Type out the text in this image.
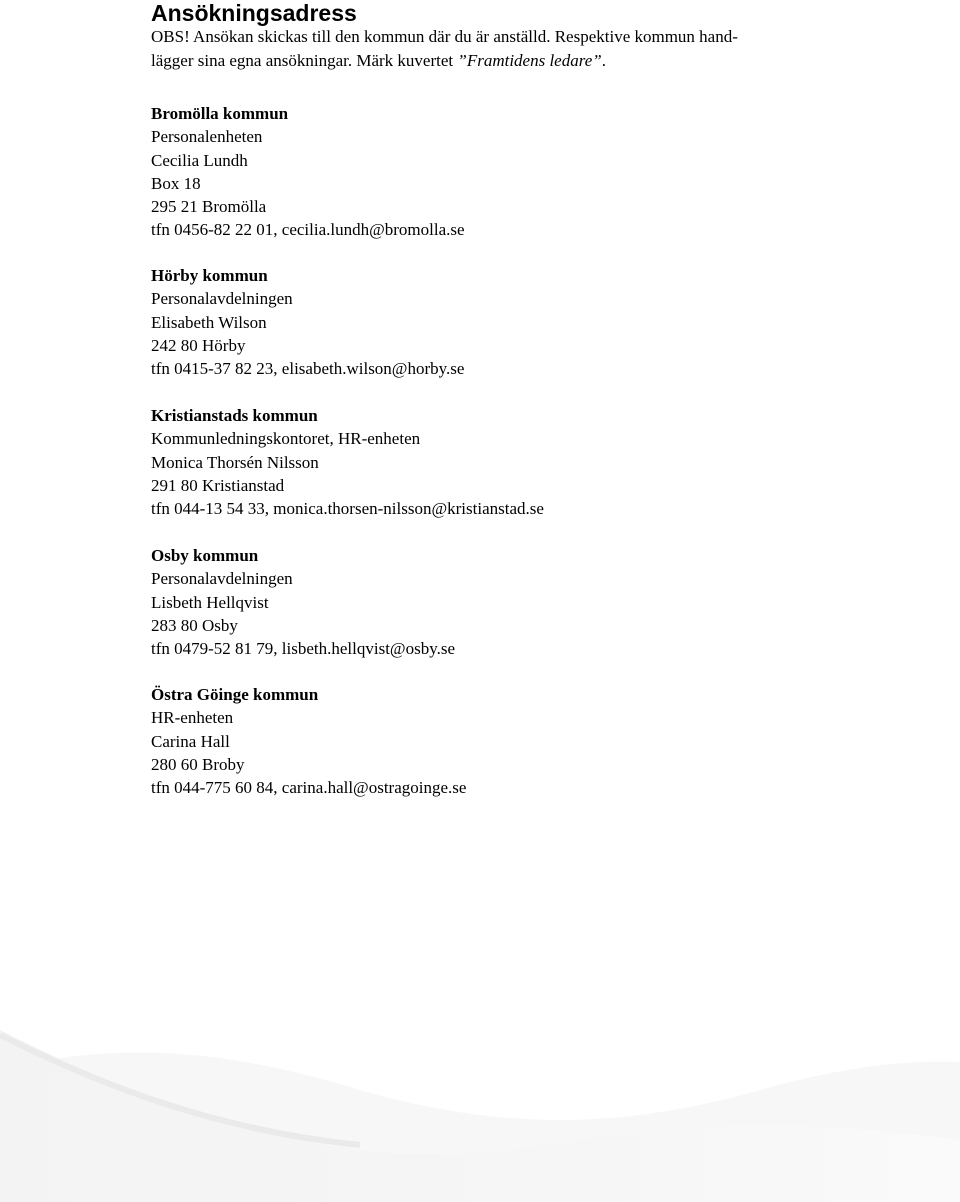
Ansökningsadress

OBS! Ansökan skickas till den kommun där du är anställd. Respektive kommun hand-
lägger sina egna ansökningar. Märk kuvertet ”Framtidens ledare”.

Bromölla kommun
Personalenheten
Cecilia Lundh
Box 18
295 21 Bromölla
tfn 0456-82 22 01, cecilia.lundh@bromolla.se
Hörby kommun
Personalavdelningen
Elisabeth Wilson
242 80 Hörby
tfn 0415-37 82 23, elisabeth.wilson@horby.se
Kristianstads kommun
Kommunledningskontoret, HR-enheten
Monica Thorsén Nilsson
291 80 Kristianstad
tfn 044-13 54 33, monica.thorsen-nilsson@kristianstad.se
Osby kommun
Personalavdelningen
Lisbeth Hellqvist
283 80 Osby
tfn 0479-52 81 79, lisbeth.hellqvist@osby.se
Östra Göinge kommun
HR-enheten
Carina Hall
280 60 Broby
tfn 044-775 60 84, carina.hall@ostragoinge.se
